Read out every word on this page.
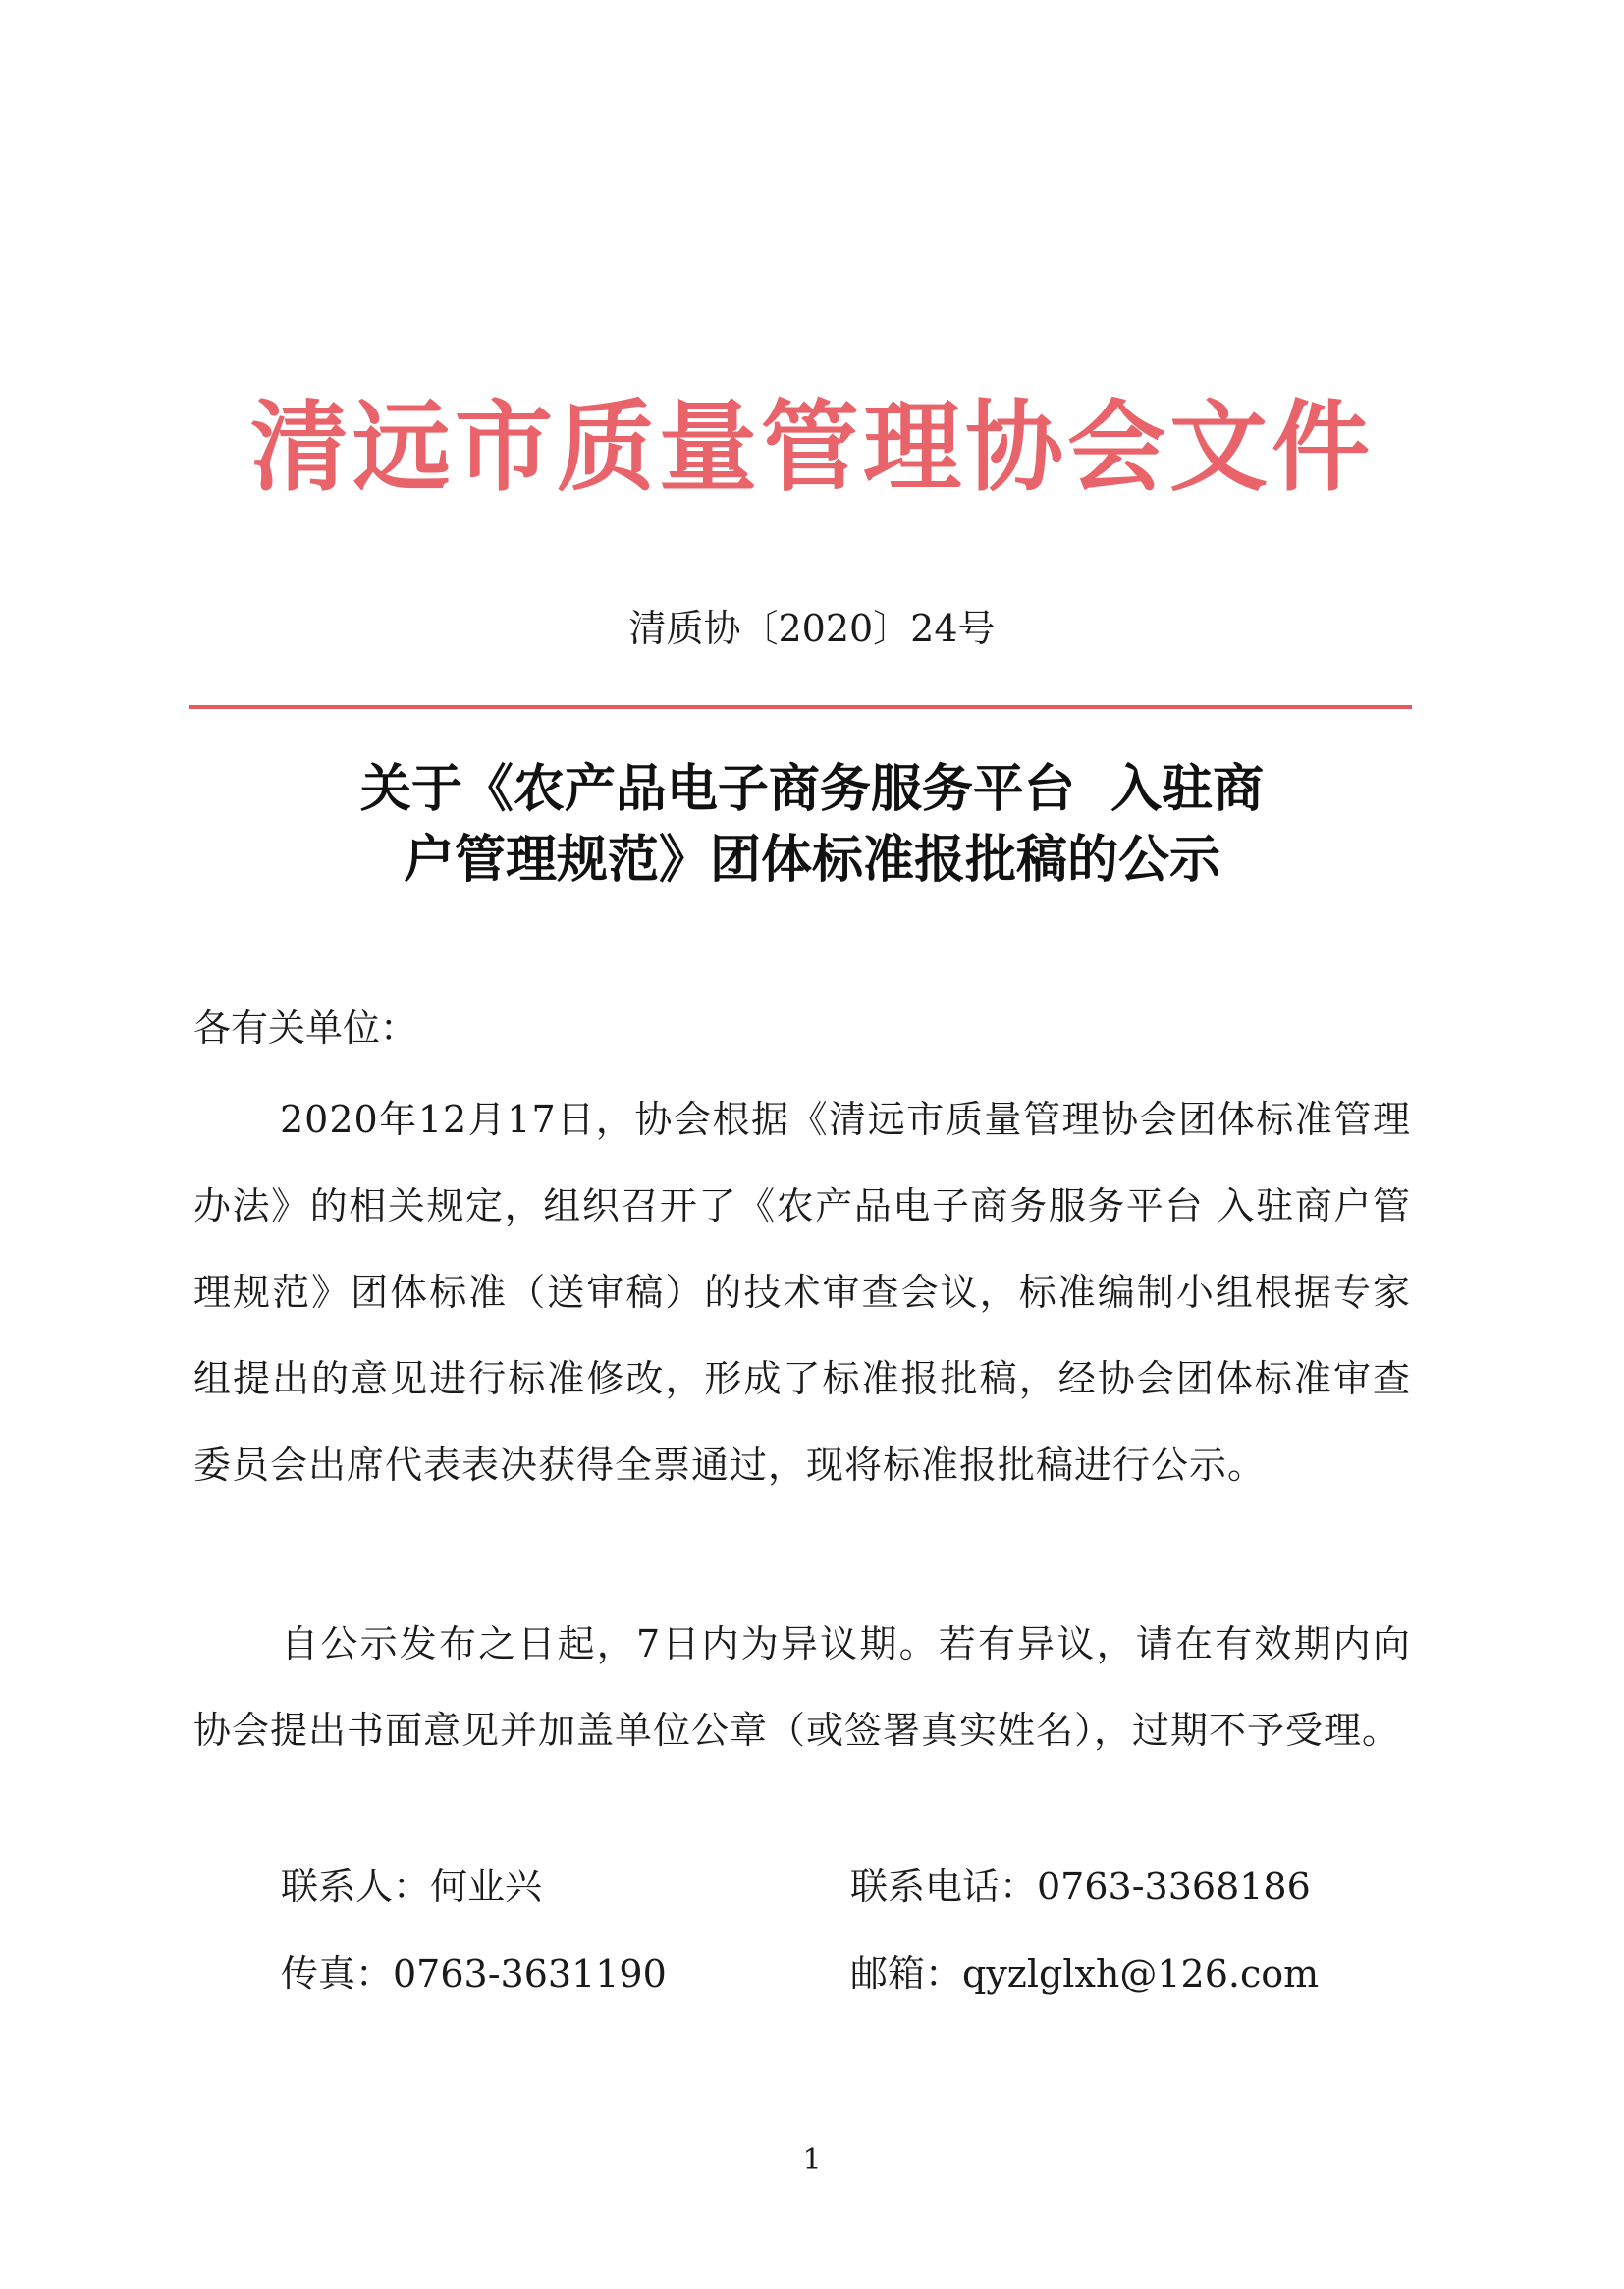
清远市质量管理协会文件
清质协〔2020〕24号
关于《农产品电子商务服务平台  入驻商
户管理规范》团体标准报批稿的公示
各有关单位：
2020年12月17日，协会根据《清远市质量管理协会团体标准管理办法》的相关规定，组织召开了《农产品电子商务服务平台 入驻商户管理规范》团体标准（送审稿）的技术审查会议，标准编制小组根据专家组提出的意见进行标准修改，形成了标准报批稿，经协会团体标准审查委员会出席代表表决获得全票通过，现将标准报批稿进行公示。
自公示发布之日起，7日内为异议期。若有异议，请在有效期内向协会提出书面意见并加盖单位公章（或签署真实姓名），过期不予受理。
联系人：何业兴	联系电话：0763-3368186
传真：0763-3631190	邮箱：qyzlglxh@126.com
1
